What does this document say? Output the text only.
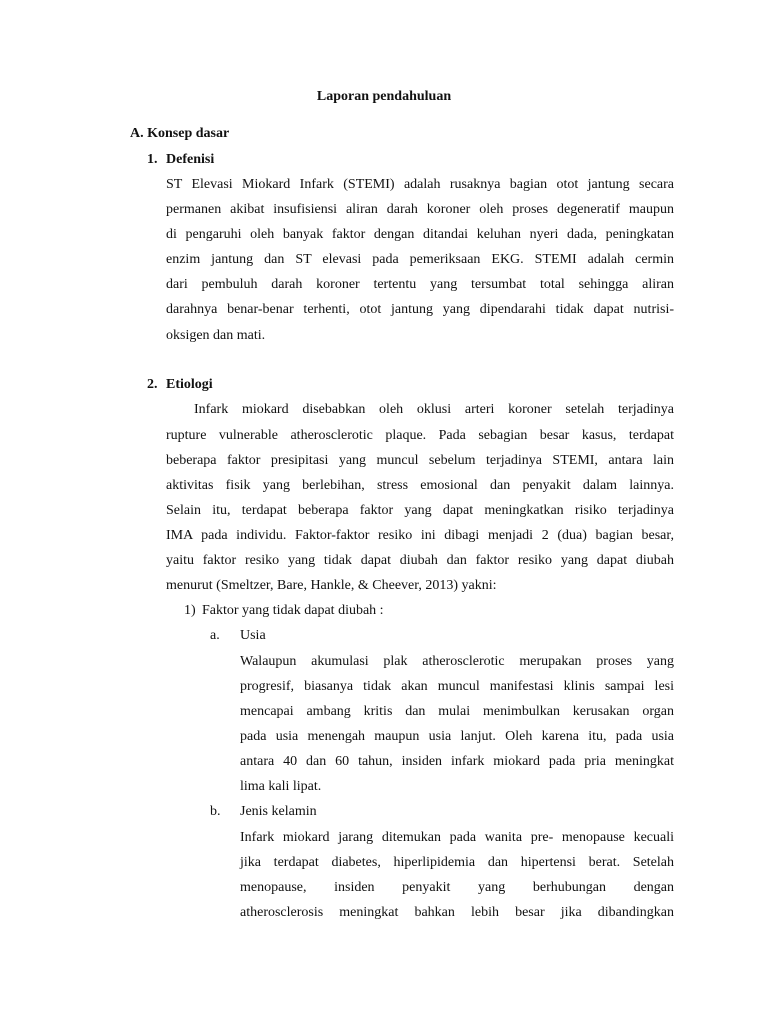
Laporan pendahuluan
A. Konsep dasar
1. Defenisi
ST Elevasi Miokard Infark (STEMI) adalah rusaknya bagian otot jantung secara
permanen akibat insufisiensi aliran darah koroner oleh proses degeneratif maupun
di pengaruhi oleh banyak faktor dengan ditandai keluhan nyeri dada, peningkatan
enzim jantung dan ST elevasi pada pemeriksaan EKG. STEMI adalah cermin
dari pembuluh darah koroner tertentu yang tersumbat total sehingga aliran
darahnya benar-benar terhenti, otot jantung yang dipendarahi tidak dapat nutrisi-
oksigen dan mati.
2. Etiologi
Infark miokard disebabkan oleh oklusi arteri koroner setelah terjadinya
rupture vulnerable atherosclerotic plaque. Pada sebagian besar kasus, terdapat
beberapa faktor presipitasi yang muncul sebelum terjadinya STEMI, antara lain
aktivitas fisik yang berlebihan, stress emosional dan penyakit dalam lainnya.
Selain itu, terdapat beberapa faktor yang dapat meningkatkan risiko terjadinya
IMA pada individu. Faktor-faktor resiko ini dibagi menjadi 2 (dua) bagian besar,
yaitu faktor resiko yang tidak dapat diubah dan faktor resiko yang dapat diubah
menurut (Smeltzer, Bare, Hankle, & Cheever, 2013) yakni:
1) Faktor yang tidak dapat diubah :
a. Usia
Walaupun akumulasi plak atherosclerotic merupakan proses yang
progresif, biasanya tidak akan muncul manifestasi klinis sampai lesi
mencapai ambang kritis dan mulai menimbulkan kerusakan organ
pada usia menengah maupun usia lanjut. Oleh karena itu, pada usia
antara 40 dan 60 tahun, insiden infark miokard pada pria meningkat
lima kali lipat.
b. Jenis kelamin
Infark miokard jarang ditemukan pada wanita pre- menopause kecuali
jika terdapat diabetes, hiperlipidemia dan hipertensi berat. Setelah
menopause, insiden penyakit yang berhubungan dengan
atherosclerosis meningkat bahkan lebih besar jika dibandingkan
